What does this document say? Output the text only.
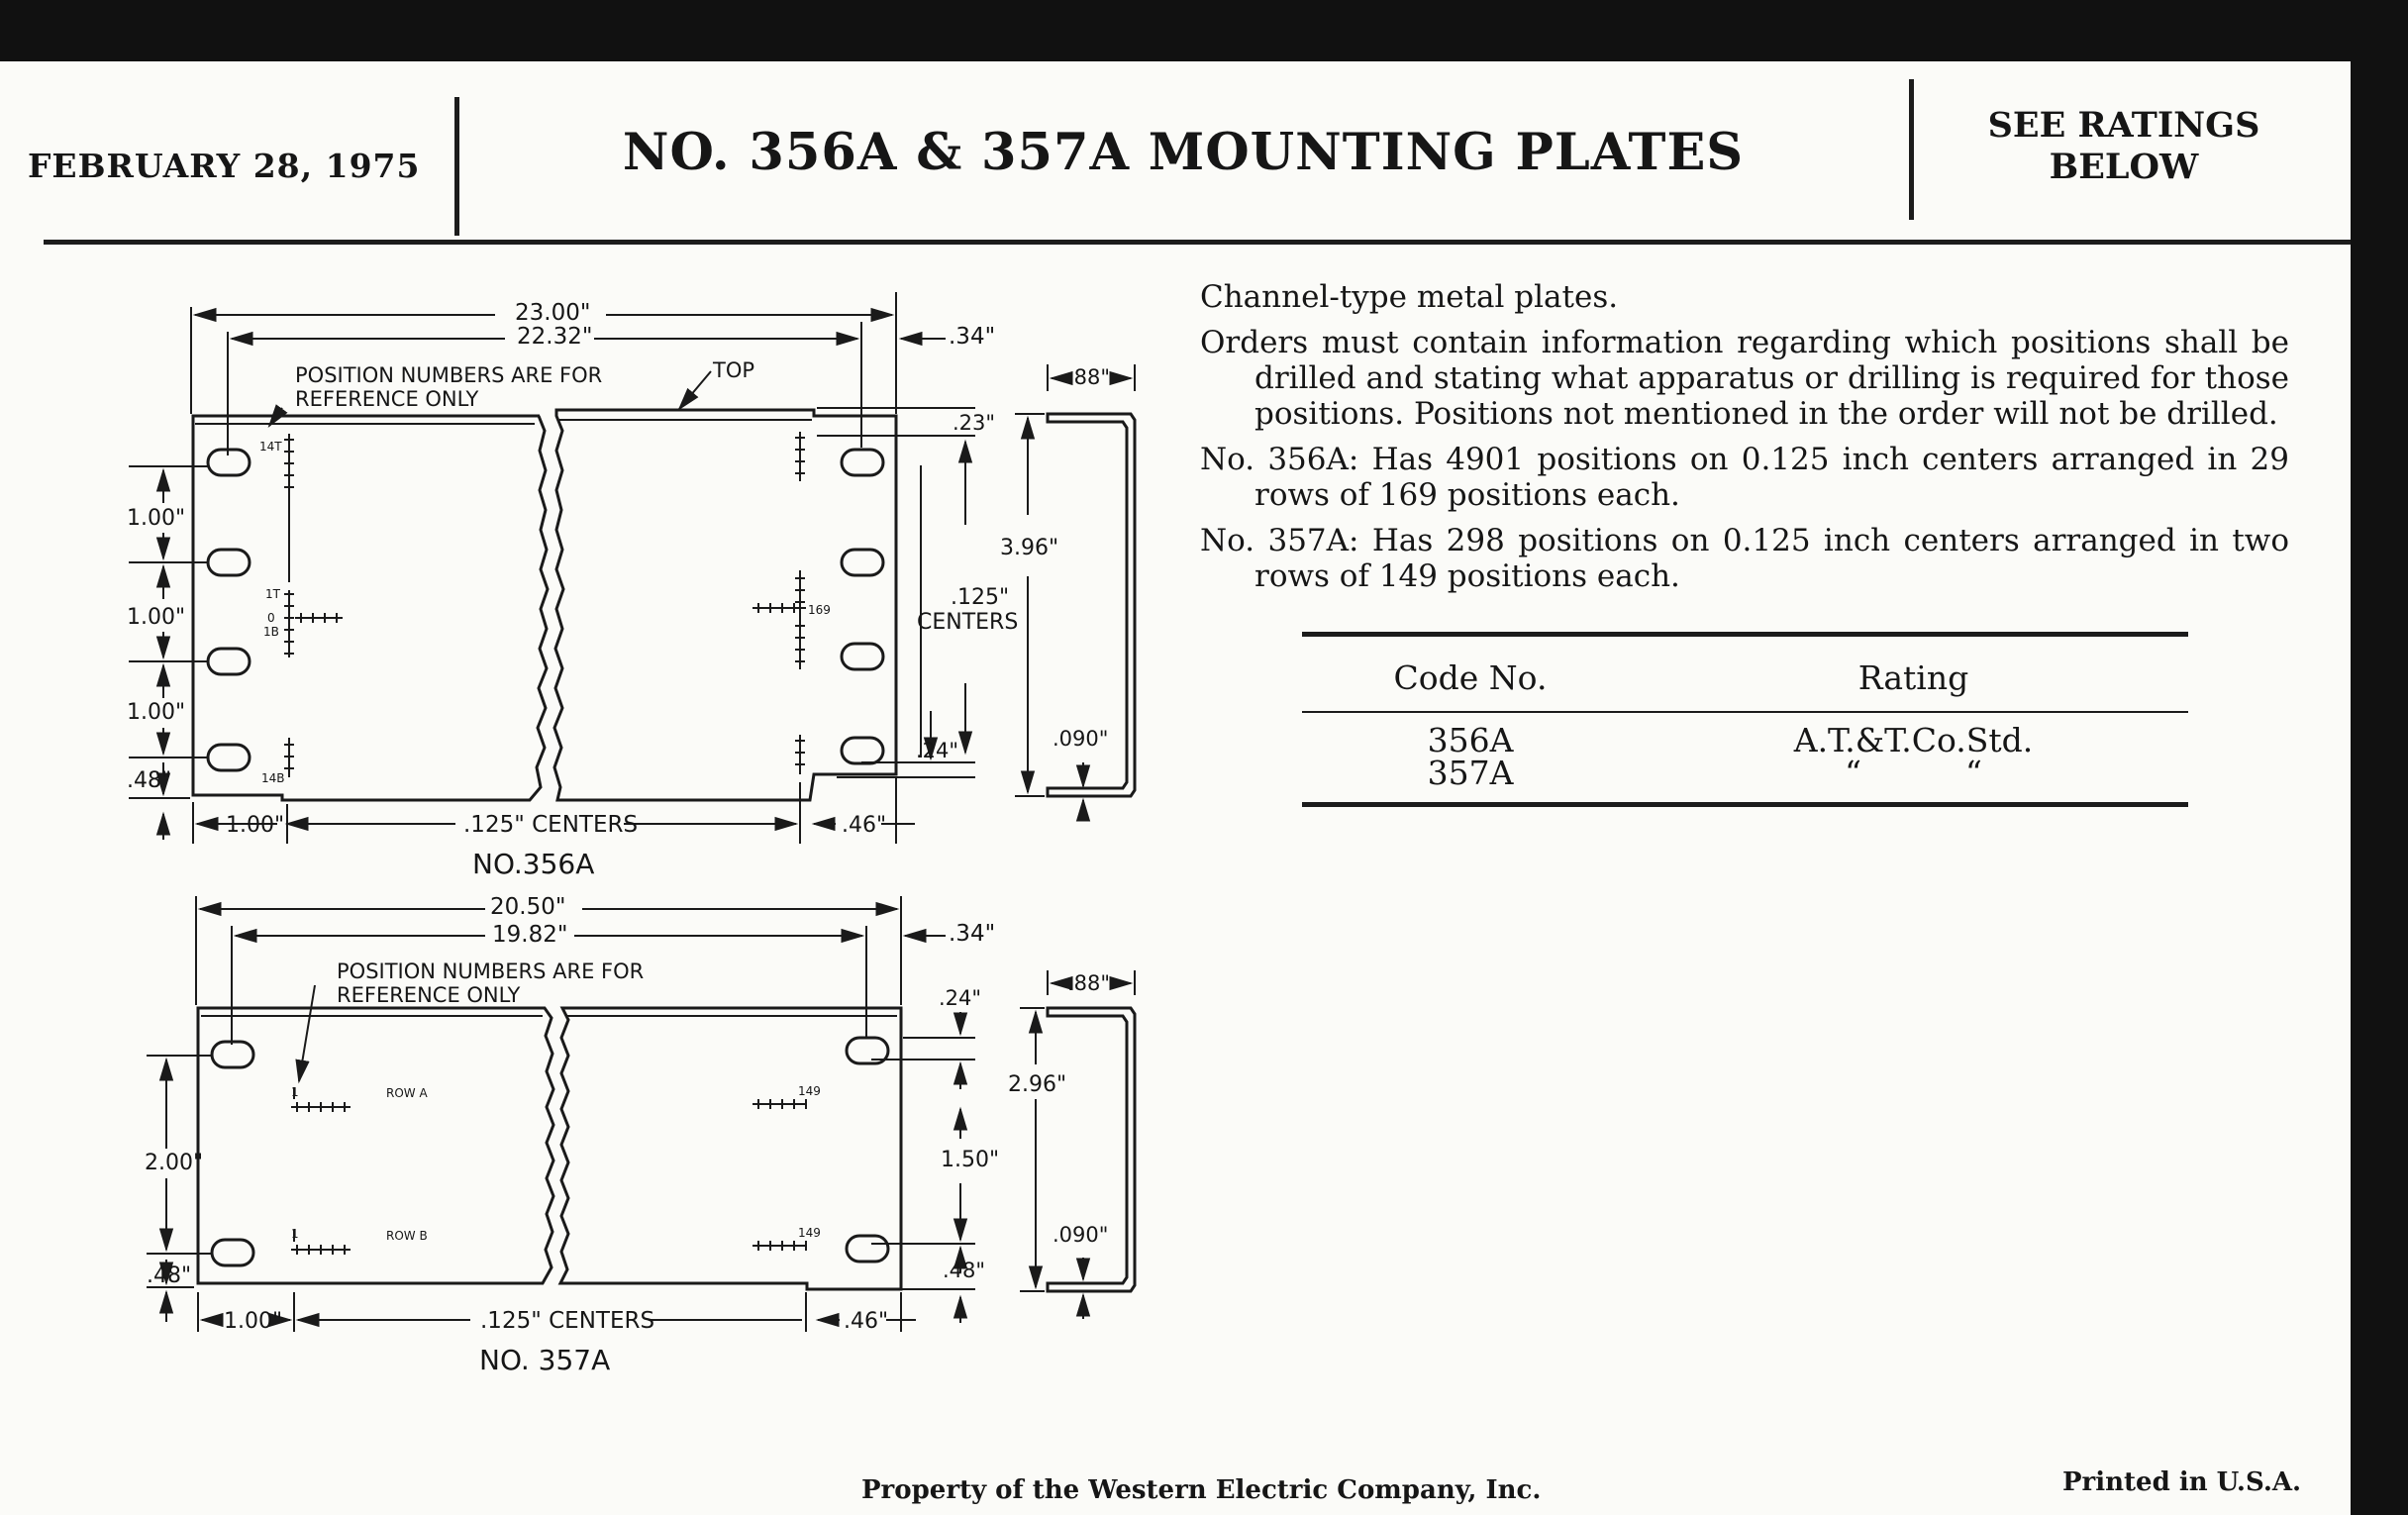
FEBRUARY 28, 1975	NO. 356A & 357A MOUNTING PLATES	SEE RATINGS
BELOW

Channel-type metal plates.

Orders must contain information regarding which positions shall be drilled and stating what apparatus or drilling is required for those positions. Positions not mentioned in the order will not be drilled.

No. 356A: Has 4901 positions on 0.125 inch centers arranged in 29 rows of 169 positions each.

No. 357A: Has 298 positions on 0.125 inch centers arranged in two rows of 149 positions each.

Code No.	Rating
356A	A.T.&T.Co.Std.
357A	“          “
23.00"
22.32"	.34"
POSITION NUMBERS ARE FOR
REFERENCE ONLY
TOP	.88"
.23"
3.96"
.125"
CENTERS
.24"	.090"
1.00"
1.00"
1.00"
.48"
1.00"	.125" CENTERS	.46"
14T
1T
0
1B
14B
169
NO.356A
20.50"
19.82"	.34"
POSITION NUMBERS ARE FOR
REFERENCE ONLY	.88"
.24"
2.96"
1.50"
.090"
.48"
2.00"
.48"
1.00"	.125" CENTERS	.46"
ROW A
ROW B
1
1
149
149
NO. 357A
Property of the Western Electric Company, Inc.	Printed in U.S.A.
